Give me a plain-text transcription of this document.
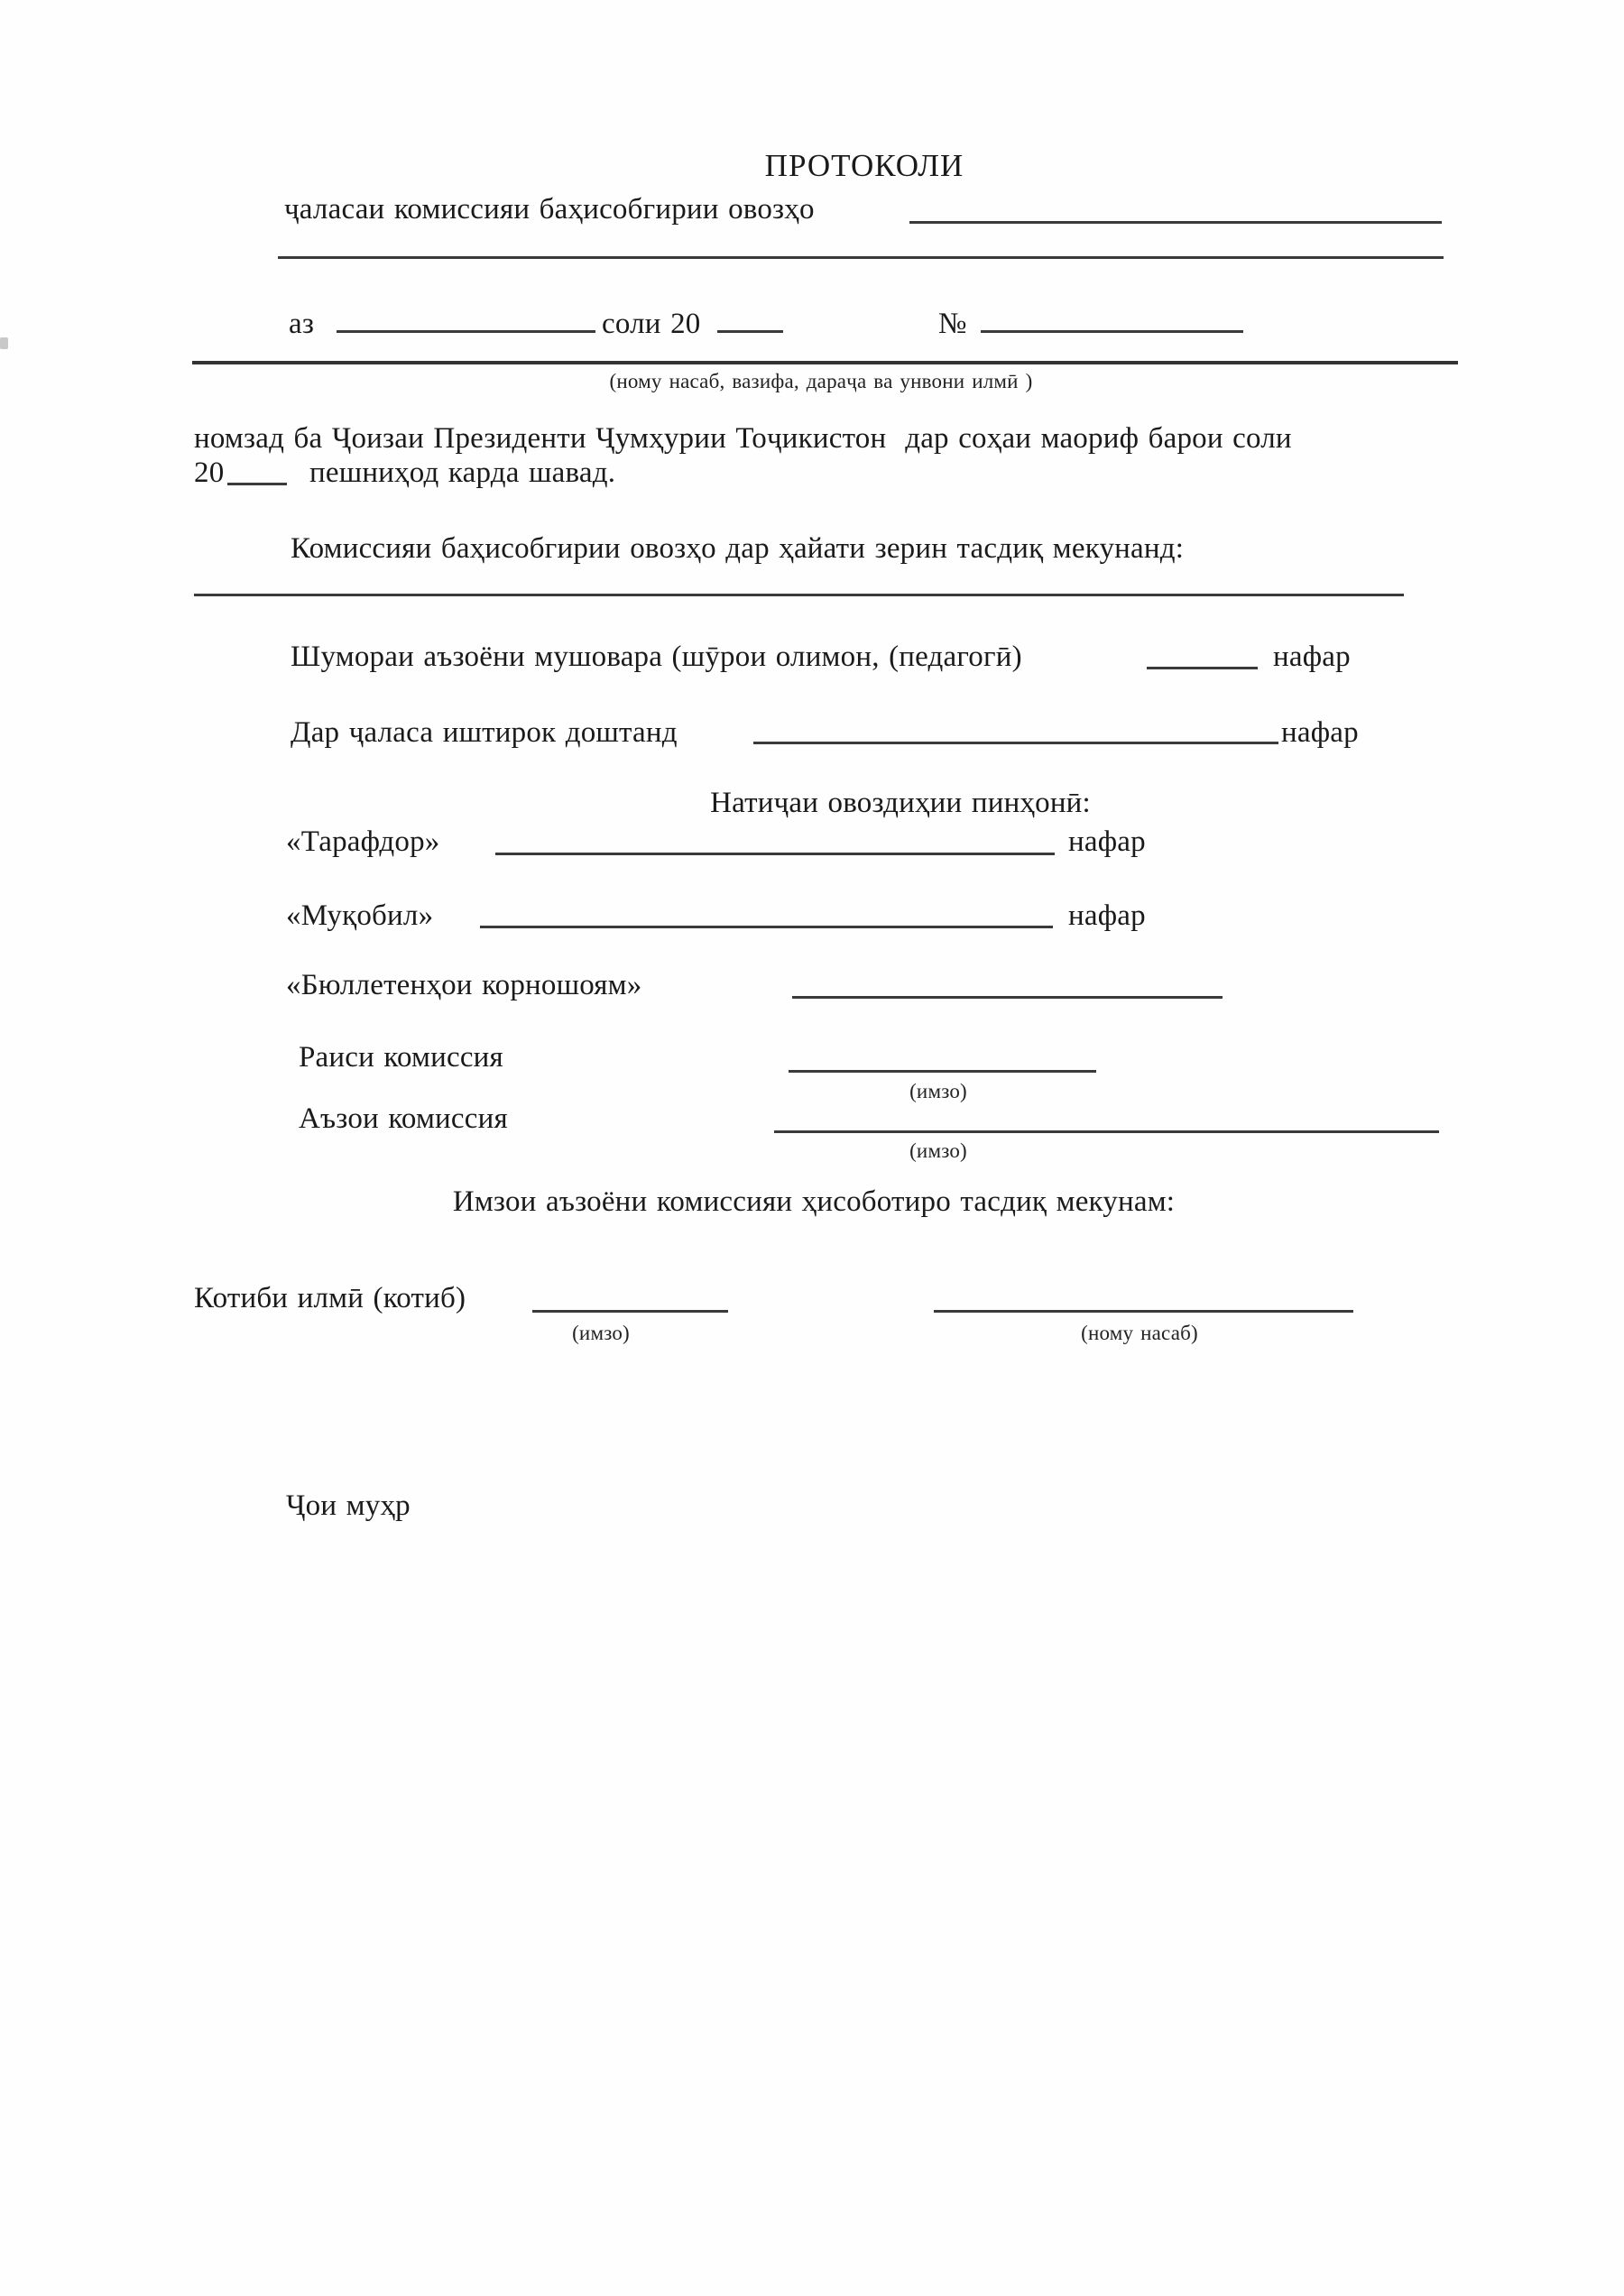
ПРОТОКОЛИ
ҷаласаи комиссияи баҳисобгирии овозҳо
аз	соли 20	№
(ному насаб, вазифа, дараҷа ва унвони илмӣ )
номзад ба Ҷоизаи Президенти Ҷумҳурии Тоҷикистон  дар соҳаи маориф барои соли
20	пешниҳод карда шавад.
Комиссияи баҳисобгирии овозҳо дар ҳайати зерин тасдиқ мекунанд:
Шумораи аъзоёни мушовара (шӯрои олимон, (педагогӣ)	нафар
Дар ҷаласа иштирок доштанд	нафар
Натиҷаи овоздиҳии пинҳонӣ:
«Тарафдор»	нафар
«Муқобил»	нафар
«Бюллетенҳои корношоям»
Раиси комиссия
(имзо)
Аъзои комиссия
(имзо)
Имзои аъзоёни комиссияи ҳисоботиро тасдиқ мекунам:
Котиби илмӣ (котиб)
(имзо)	(ному насаб)
Ҷои муҳр
